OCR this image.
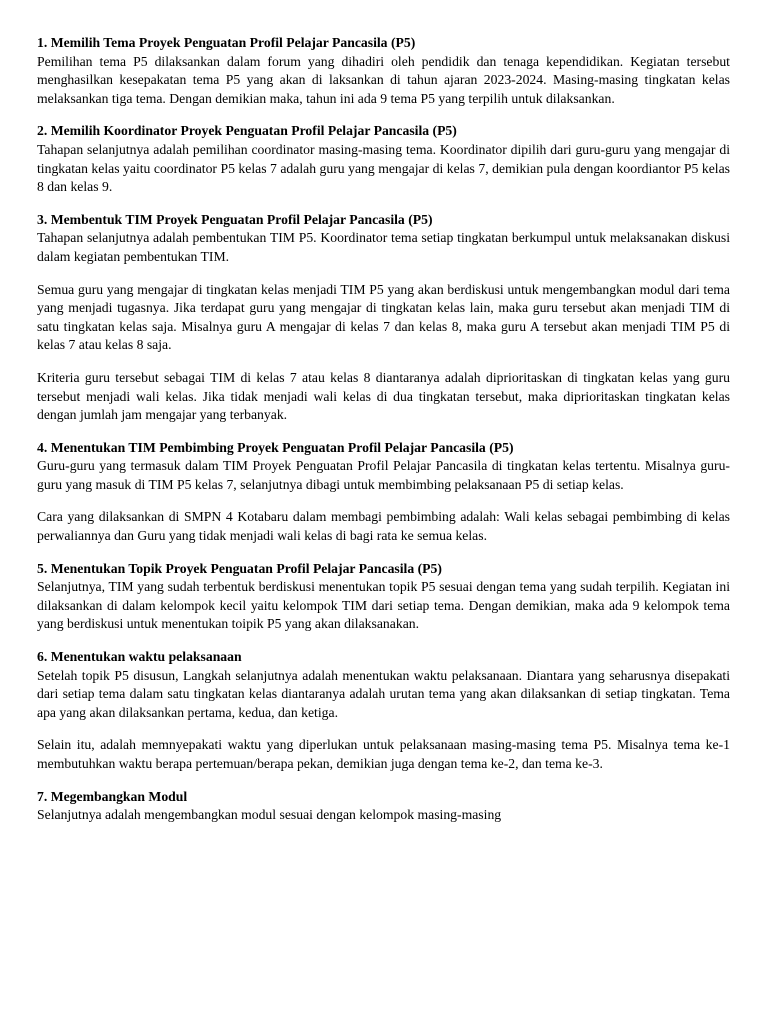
1. Memilih Tema Proyek Penguatan Profil Pelajar Pancasila (P5)

Pemilihan tema P5 dilaksankan dalam forum yang dihadiri oleh pendidik dan tenaga kependidikan. Kegiatan tersebut menghasilkan kesepakatan tema P5 yang akan di laksankan di tahun ajaran 2023-2024. Masing-masing tingkatan kelas melaksankan tiga tema. Dengan demikian maka, tahun ini ada 9 tema P5 yang terpilih untuk dilaksankan.

2. Memilih Koordinator Proyek Penguatan Profil Pelajar Pancasila (P5)

Tahapan selanjutnya adalah pemilihan coordinator masing-masing tema. Koordinator dipilih dari guru-guru yang mengajar di tingkatan kelas yaitu coordinator P5 kelas 7 adalah guru yang mengajar di kelas 7, demikian pula dengan koordiantor P5 kelas 8 dan kelas 9.

3. Membentuk TIM Proyek Penguatan Profil Pelajar Pancasila (P5)

Tahapan selanjutnya adalah pembentukan TIM P5. Koordinator tema setiap tingkatan berkumpul untuk melaksanakan diskusi dalam kegiatan pembentukan TIM.

Semua guru yang mengajar di tingkatan kelas menjadi TIM P5 yang akan berdiskusi untuk mengembangkan modul dari tema yang menjadi tugasnya. Jika terdapat guru yang mengajar di tingkatan kelas lain, maka guru tersebut akan menjadi TIM di satu tingkatan kelas saja. Misalnya guru A mengajar di kelas 7 dan kelas 8, maka guru A tersebut akan menjadi TIM P5 di kelas 7 atau kelas 8 saja.

Kriteria guru tersebut sebagai TIM di kelas 7 atau kelas 8 diantaranya adalah diprioritaskan di tingkatan kelas yang guru tersebut menjadi wali kelas. Jika tidak menjadi wali kelas di dua tingkatan tersebut, maka diprioritaskan tingkatan kelas dengan jumlah jam mengajar yang terbanyak.

4. Menentukan TIM Pembimbing Proyek Penguatan Profil Pelajar Pancasila (P5)

Guru-guru yang termasuk dalam TIM Proyek Penguatan Profil Pelajar Pancasila di tingkatan kelas tertentu. Misalnya guru-guru yang masuk di TIM P5 kelas 7, selanjutnya dibagi untuk membimbing pelaksanaan P5 di setiap kelas.

Cara yang dilaksankan di SMPN 4 Kotabaru dalam membagi pembimbing adalah: Wali kelas sebagai pembimbing di kelas perwaliannya dan Guru yang tidak menjadi wali kelas di bagi rata ke semua kelas.

5. Menentukan Topik Proyek Penguatan Profil Pelajar Pancasila (P5)

Selanjutnya, TIM yang sudah terbentuk berdiskusi menentukan topik P5 sesuai dengan tema yang sudah terpilih. Kegiatan ini dilaksankan di dalam kelompok kecil yaitu kelompok TIM dari setiap tema. Dengan demikian, maka ada 9 kelompok tema yang berdiskusi untuk menentukan toipik P5 yang akan dilaksanakan.

6. Menentukan waktu pelaksanaan

Setelah topik P5 disusun, Langkah selanjutnya adalah menentukan waktu pelaksanaan. Diantara yang seharusnya disepakati dari setiap tema dalam satu tingkatan kelas diantaranya adalah urutan tema yang akan dilaksankan di setiap tingkatan. Tema apa yang akan dilaksankan pertama, kedua, dan ketiga.

Selain itu, adalah memnyepakati waktu yang diperlukan untuk pelaksanaan masing-masing tema P5. Misalnya tema ke-1 membutuhkan waktu berapa pertemuan/berapa pekan, demikian juga dengan tema ke-2, dan tema ke-3.

7. Megembangkan Modul

Selanjutnya adalah mengembangkan modul sesuai dengan kelompok masing-masing
